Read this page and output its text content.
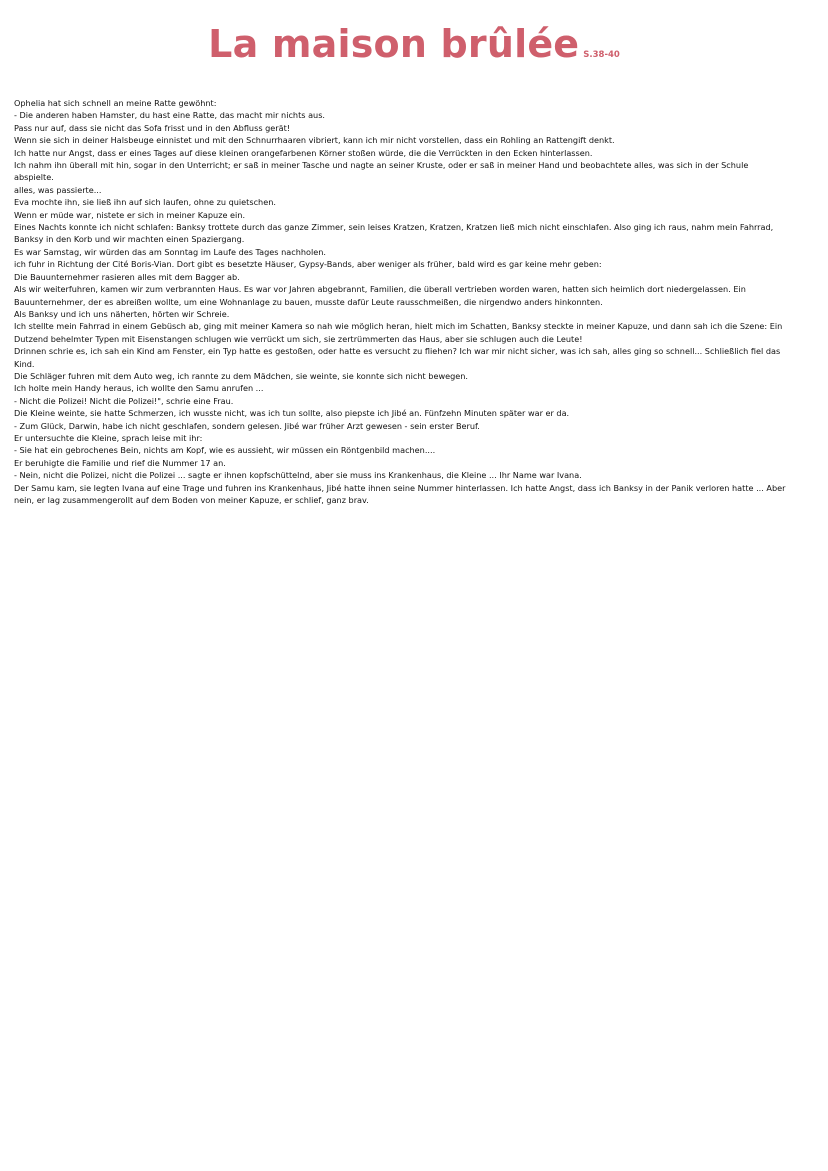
La maison brûlée S.38-40

Ophelia hat sich schnell an meine Ratte gewöhnt:

- Die anderen haben Hamster, du hast eine Ratte, das macht mir nichts aus.

Pass nur auf, dass sie nicht das Sofa frisst und in den Abfluss gerät!

Wenn sie sich in deiner Halsbeuge einnistet und mit den Schnurrhaaren vibriert, kann ich mir nicht vorstellen, dass ein Rohling an Rattengift denkt.

Ich hatte nur Angst, dass er eines Tages auf diese kleinen orangefarbenen Körner stoßen würde, die die Verrückten in den Ecken hinterlassen.

Ich nahm ihn überall mit hin, sogar in den Unterricht; er saß in meiner Tasche und nagte an seiner Kruste, oder er saß in meiner Hand und beobachtete alles, was sich in der Schule abspielte.

alles, was passierte...

Eva mochte ihn, sie ließ ihn auf sich laufen, ohne zu quietschen.

Wenn er müde war, nistete er sich in meiner Kapuze ein.

Eines Nachts konnte ich nicht schlafen: Banksy trottete durch das ganze Zimmer, sein leises Kratzen, Kratzen, Kratzen ließ mich nicht einschlafen. Also ging ich raus, nahm mein Fahrrad, Banksy in den Korb und wir machten einen Spaziergang.

Es war Samstag, wir würden das am Sonntag im Laufe des Tages nachholen.

ich fuhr in Richtung der Cité Boris-Vian. Dort gibt es besetzte Häuser, Gypsy-Bands, aber weniger als früher, bald wird es gar keine mehr geben:

Die Bauunternehmer rasieren alles mit dem Bagger ab.

Als wir weiterfuhren, kamen wir zum verbrannten Haus. Es war vor Jahren abgebrannt, Familien, die überall vertrieben worden waren, hatten sich heimlich dort niedergelassen. Ein Bauunternehmer, der es abreißen wollte, um eine Wohnanlage zu bauen, musste dafür Leute rausschmeißen, die nirgendwo anders hinkonnten.

Als Banksy und ich uns näherten, hörten wir Schreie.

Ich stellte mein Fahrrad in einem Gebüsch ab, ging mit meiner Kamera so nah wie möglich heran, hielt mich im Schatten, Banksy steckte in meiner Kapuze, und dann sah ich die Szene: Ein Dutzend behelmter Typen mit Eisenstangen schlugen wie verrückt um sich, sie zertrümmerten das Haus, aber sie schlugen auch die Leute!

Drinnen schrie es, ich sah ein Kind am Fenster, ein Typ hatte es gestoßen, oder hatte es versucht zu fliehen? Ich war mir nicht sicher, was ich sah, alles ging so schnell... Schließlich fiel das Kind.

Die Schläger fuhren mit dem Auto weg, ich rannte zu dem Mädchen, sie weinte, sie konnte sich nicht bewegen.

Ich holte mein Handy heraus, ich wollte den Samu anrufen ...

- Nicht die Polizei! Nicht die Polizei!", schrie eine Frau.

Die Kleine weinte, sie hatte Schmerzen, ich wusste nicht, was ich tun sollte, also piepste ich Jibé an. Fünfzehn Minuten später war er da.

- Zum Glück, Darwin, habe ich nicht geschlafen, sondern gelesen. Jibé war früher Arzt gewesen - sein erster Beruf.

Er untersuchte die Kleine, sprach leise mit ihr:

- Sie hat ein gebrochenes Bein, nichts am Kopf, wie es aussieht, wir müssen ein Röntgenbild machen....

Er beruhigte die Familie und rief die Nummer 17 an.

- Nein, nicht die Polizei, nicht die Polizei ... sagte er ihnen kopfschüttelnd, aber sie muss ins Krankenhaus, die Kleine ... Ihr Name war Ivana.

Der Samu kam, sie legten Ivana auf eine Trage und fuhren ins Krankenhaus, Jibé hatte ihnen seine Nummer hinterlassen. Ich hatte Angst, dass ich Banksy in der Panik verloren hatte ... Aber nein, er lag zusammengerollt auf dem Boden von meiner Kapuze, er schlief, ganz brav.
